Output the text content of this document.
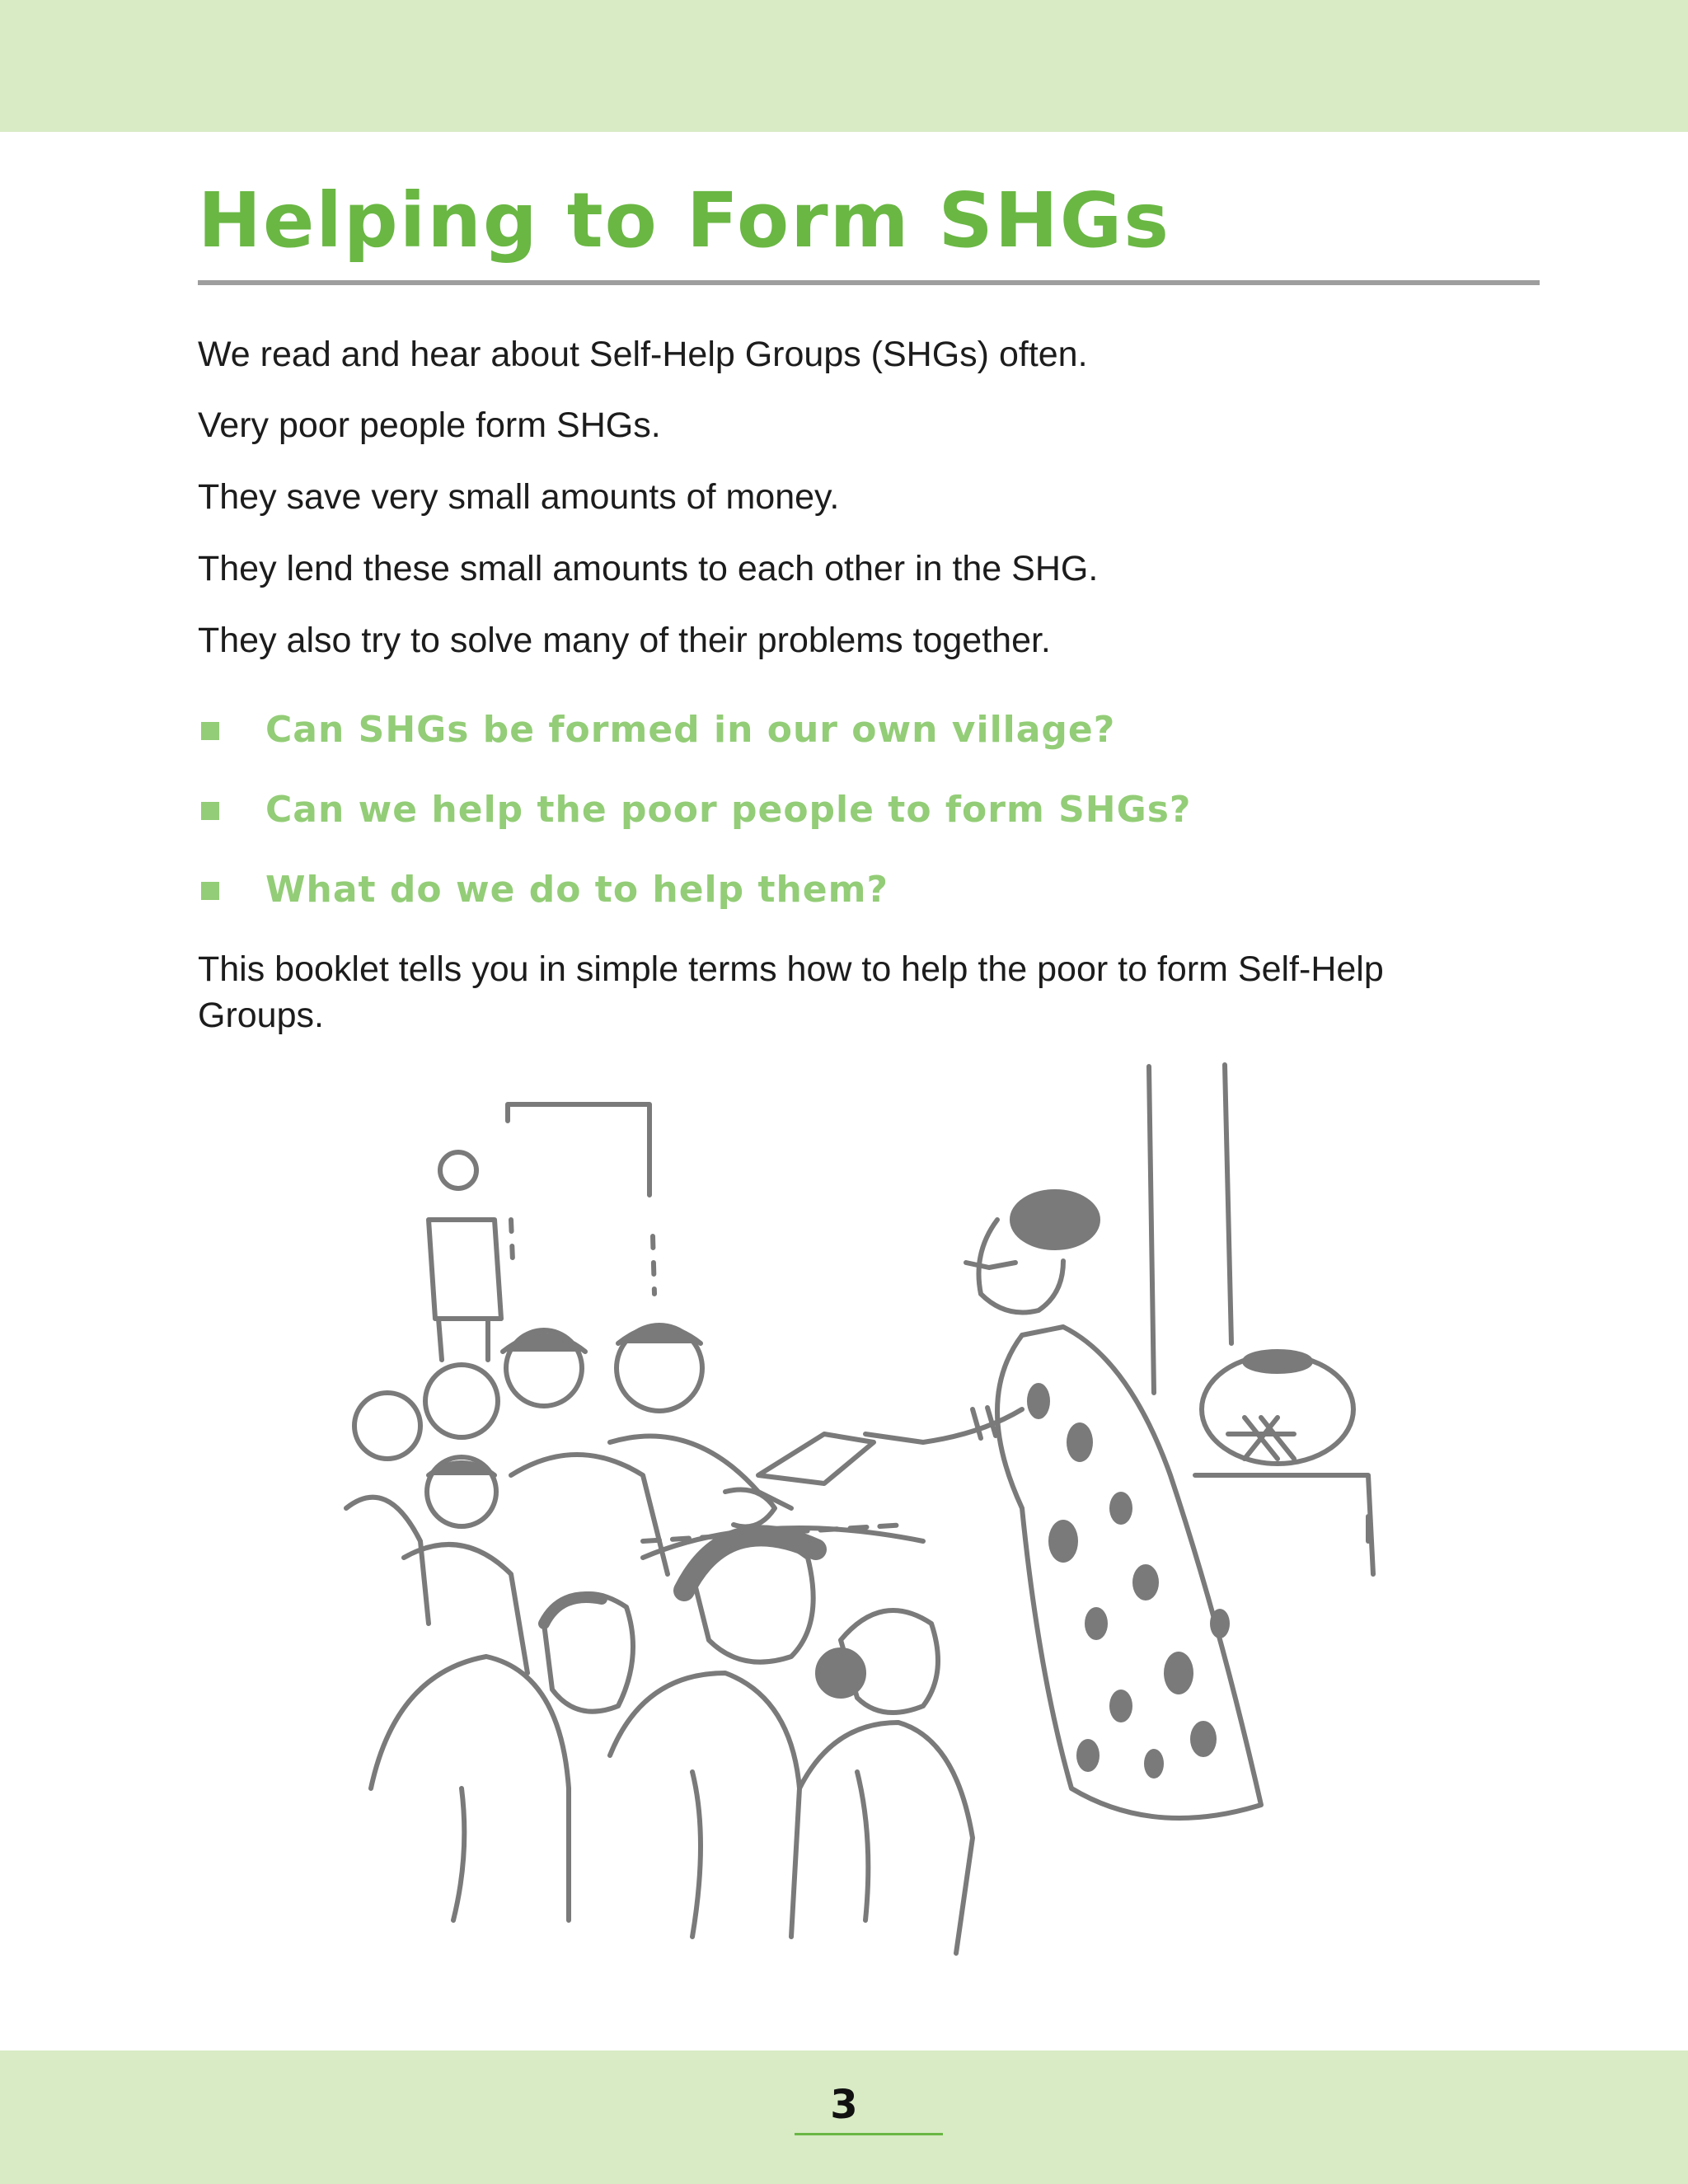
Helping to Form SHGs

We read and hear about Self-Help Groups (SHGs) often.

Very poor people form SHGs.

They save very small amounts of money.

They lend these small amounts to each other in the SHG.

They also try to solve many of their problems together.

Can SHGs be formed in our own village?
Can we help the poor people to form SHGs?
What do we do to help them?

This booklet tells you in simple terms how to help the poor to form Self-Help Groups.

3
